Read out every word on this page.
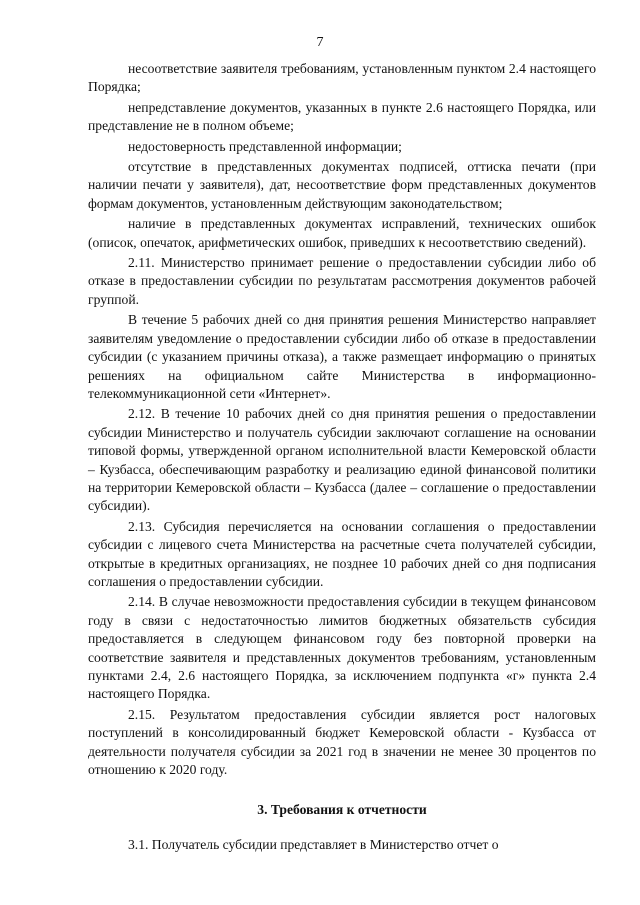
7

несоответствие заявителя требованиям, установленным пунктом 2.4 настоящего Порядка;

непредставление документов, указанных в пункте 2.6 настоящего Порядка, или представление не в полном объеме;

недостоверность представленной информации;

отсутствие в представленных документах подписей, оттиска печати (при наличии печати у заявителя), дат, несоответствие форм представленных документов формам документов, установленным действующим законодательством;

наличие в представленных документах исправлений, технических ошибок (описок, опечаток, арифметических ошибок, приведших к несоответствию сведений).

2.11. Министерство принимает решение о предоставлении субсидии либо об отказе в предоставлении субсидии по результатам рассмотрения документов рабочей группой.

В течение 5 рабочих дней со дня принятия решения Министерство направляет заявителям уведомление о предоставлении субсидии либо об отказе в предоставлении субсидии (с указанием причины отказа), а также размещает информацию о принятых решениях на официальном сайте Министерства в информационно-телекоммуникационной сети «Интернет».

2.12. В течение 10 рабочих дней со дня принятия решения о предоставлении субсидии Министерство и получатель субсидии заключают соглашение на основании типовой формы, утвержденной органом исполнительной власти Кемеровской области – Кузбасса, обеспечивающим разработку и реализацию единой финансовой политики на территории Кемеровской области – Кузбасса (далее – соглашение о предоставлении субсидии).

2.13. Субсидия перечисляется на основании соглашения о предоставлении субсидии с лицевого счета Министерства на расчетные счета получателей субсидии, открытые в кредитных организациях, не позднее 10 рабочих дней со дня подписания соглашения о предоставлении субсидии.

2.14. В случае невозможности предоставления субсидии в текущем финансовом году в связи с недостаточностью лимитов бюджетных обязательств субсидия предоставляется в следующем финансовом году без повторной проверки на соответствие заявителя и представленных документов требованиям, установленным пунктами 2.4, 2.6 настоящего Порядка, за исключением подпункта «г» пункта 2.4 настоящего Порядка.

2.15. Результатом предоставления субсидии является рост налоговых поступлений в консолидированный бюджет Кемеровской области - Кузбасса от деятельности получателя субсидии за 2021 год в значении не менее 30 процентов по отношению к 2020 году.

3. Требования к отчетности

3.1. Получатель субсидии представляет в Министерство отчет о
